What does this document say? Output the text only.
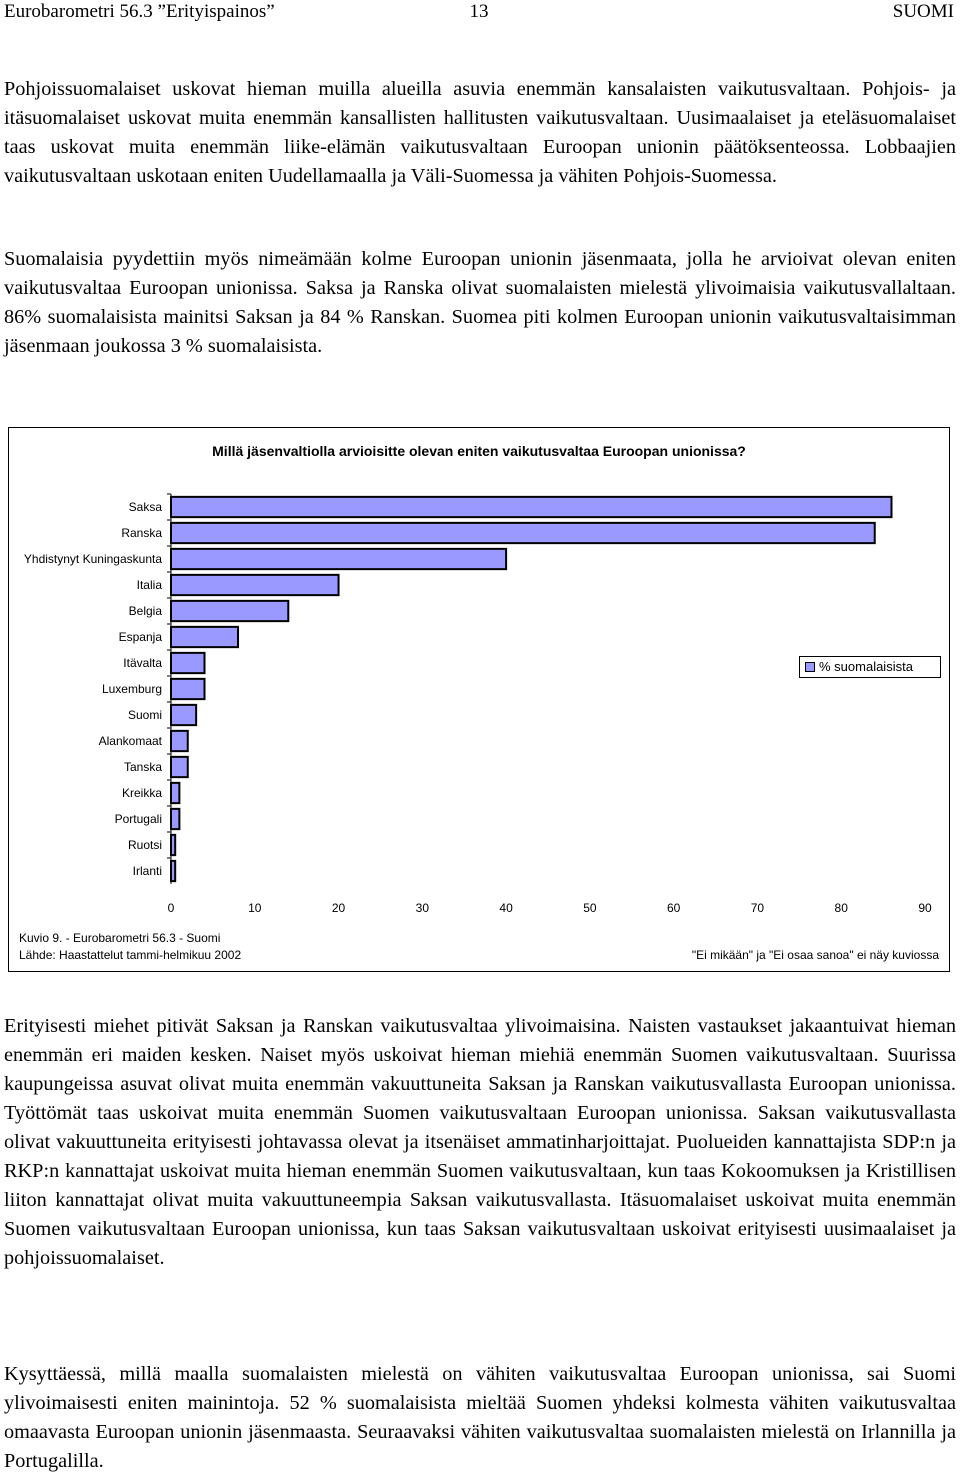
Eurobarometri 56.3 ”Erityispainos”	13	SUOMI

Pohjoissuomalaiset uskovat hieman muilla alueilla asuvia enemmän kansalaisten vaikutusvaltaan. Pohjois- ja itäsuomalaiset uskovat muita enemmän kansallisten hallitusten vaikutusvaltaan. Uusimaalaiset ja eteläsuomalaiset taas uskovat muita enemmän liike-elämän vaikutusvaltaan Euroopan unionin päätöksenteossa. Lobbaajien vaikutusvaltaan uskotaan eniten Uudellamaalla ja Väli-Suomessa ja vähiten Pohjois-Suomessa.

Suomalaisia pyydettiin myös nimeämään kolme Euroopan unionin jäsenmaata, jolla he arvioivat olevan eniten vaikutusvaltaa Euroopan unionissa. Saksa ja Ranska olivat suomalaisten mielestä ylivoimaisia vaikutusvallaltaan. 86% suomalaisista mainitsi Saksan ja 84 % Ranskan. Suomea piti kolmen Euroopan unionin vaikutusvaltaisimman jäsenmaan joukossa 3 % suomalaisista.

Millä jäsenvaltiolla arvioisitte olevan eniten vaikutusvaltaa Euroopan unionissa?
Saksa
Ranska
Yhdistynyt Kuningaskunta
Italia
Belgia
Espanja
Itävalta
Luxemburg
Suomi
Alankomaat
Tanska
Kreikka
Portugali
Ruotsi
Irlanti
0	10	20	30	40	50	60	70	80	90
% suomalaisista
Kuvio 9. - Eurobarometri 56.3 - Suomi
Lähde: Haastattelut tammi-helmikuu 2002	"Ei mikään" ja "Ei osaa sanoa" ei näy kuviossa

Erityisesti miehet pitivät Saksan ja Ranskan vaikutusvaltaa ylivoimaisina. Naisten vastaukset jakaantuivat hieman enemmän eri maiden kesken. Naiset myös uskoivat hieman miehiä enemmän Suomen vaikutusvaltaan. Suurissa kaupungeissa asuvat olivat muita enemmän vakuuttuneita Saksan ja Ranskan vaikutusvallasta Euroopan unionissa. Työttömät taas uskoivat muita enemmän Suomen vaikutusvaltaan Euroopan unionissa. Saksan vaikutusvallasta olivat vakuuttuneita erityisesti johtavassa olevat ja itsenäiset ammatinharjoittajat. Puolueiden kannattajista SDP:n ja RKP:n kannattajat uskoivat muita hieman enemmän Suomen vaikutusvaltaan, kun taas Kokoomuksen ja Kristillisen liiton kannattajat olivat muita vakuuttuneempia Saksan vaikutusvallasta. Itäsuomalaiset uskoivat muita enemmän Suomen vaikutusvaltaan Euroopan unionissa, kun taas Saksan vaikutusvaltaan uskoivat erityisesti uusimaalaiset ja pohjoissuomalaiset.

Kysyttäessä, millä maalla suomalaisten mielestä on vähiten vaikutusvaltaa Euroopan unionissa, sai Suomi ylivoimaisesti eniten mainintoja. 52 % suomalaisista mieltää Suomen yhdeksi kolmesta vähiten vaikutusvaltaa omaavasta Euroopan unionin jäsenmaasta. Seuraavaksi vähiten vaikutusvaltaa suomalaisten mielestä on Irlannilla ja Portugalilla.
